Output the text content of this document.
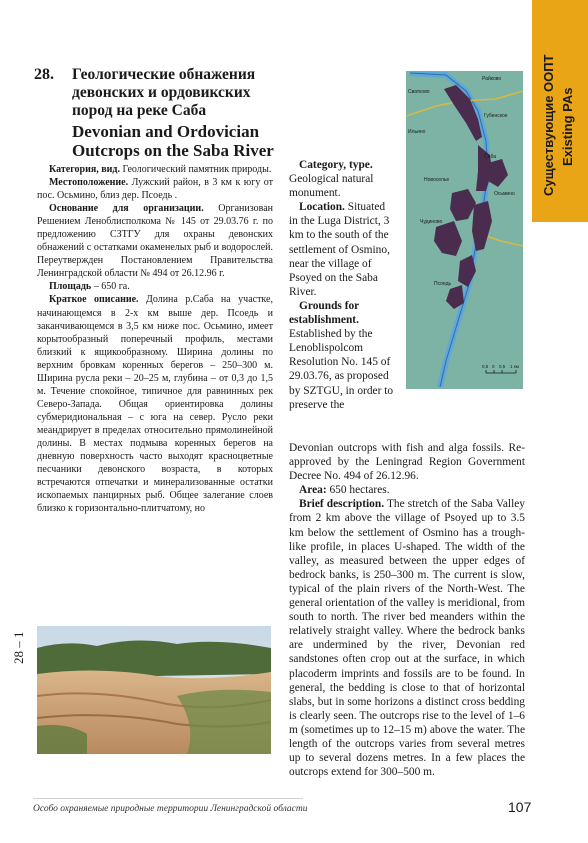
Существующие ООПТ Existing PAs
28. Геологические обнажения девонских и ордовикских пород на реке Саба
Devonian and Ordovician Outcrops on the Saba River

Категория, вид. Геологический памятник природы.

Местоположение. Лужский район, в 3 км к югу от пос. Осьмино, близ дер. Псоедь .

Основание для организации. Организован Решением Леноблисполкома № 145 от 29.03.76 г. по предложению СЗТГУ для охраны девонских обнажений с остатками окаменелых рыб и водорослей. Переутвержден Постановлением Правительства Ленинградской области № 494 от 26.12.96 г.

Площадь – 650 га.

Краткое описание. Долина р.Саба на участке, начинающемся в 2-х км выше дер. Псоедь и заканчивающемся в 3,5 км ниже пос. Осьмино, имеет корытообразный поперечный профиль, местами близкий к ящикообразному. Ширина долины по верхним бровкам коренных берегов – 250–300 м. Ширина русла реки – 20–25 м, глубина – от 0,3 до 1,5 м. Течение спокойное, типичное для равнинных рек Северо-Запада. Общая ориентировка долины субмеридиональная – с юга на север. Русло реки меандрирует в пределах относительно прямолинейной долины. В местах подмыва коренных берегов на дневную поверхность часто выходят красноцветные песчаники девонского возраста, в которых встречаются отпечатки и минерализованные остатки ископаемых панцирных рыб. Общее залегание слоев близко к горизонтально-плитчатому, но

Category, type. Geological natural monument.

Location. Situated in the Luga District, 3 km to the south of the settlement of Osmino, near the village of Psoyed on the Saba River.

Grounds for establishment. Established by the Lenoblispolcom Resolution No. 145 of 29.03.76, as proposed by SZTGU, in order to preserve the

Devonian outcrops with fish and alga fossils. Re-approved by the Leningrad Region Government Decree No. 494 of 26.12.96.

Area: 650 hectares.

Brief description. The stretch of the Saba Valley from 2 km above the village of Psoyed up to 3.5 km below the settlement of Osmino has a trough-like profile, in places U-shaped. The width of the valley, as measured between the upper edges of bedrock banks, is 250–300 m. The current is slow, typical of the plain rivers of the North-West. The general orientation of the valley is meridional, from south to north. The river bed meanders within the relatively straight valley. Where the bedrock banks are undermined by the river, Devonian red sandstones often crop out at the surface, in which placoderm imprints and fossils are to be found. In general, the bedding is close to that of horizontal slabs, but in some horizons a distinct cross bedding is clearly seen. The outcrops rise to the level of 1–6 m (sometimes up to 12–15 m) above the water. The length of the outcrops varies from several metres up to several dozens metres. In a few places the outcrops extend for 300–500 m.

Райково
Сватково
Губенское
Саба
Ильино
Новоселье
Осьмино
Чудиново
Псоедь
0,5 0 0,5 1 км
28 – 1
Особо охраняемые природные территории Ленинградской области	107
